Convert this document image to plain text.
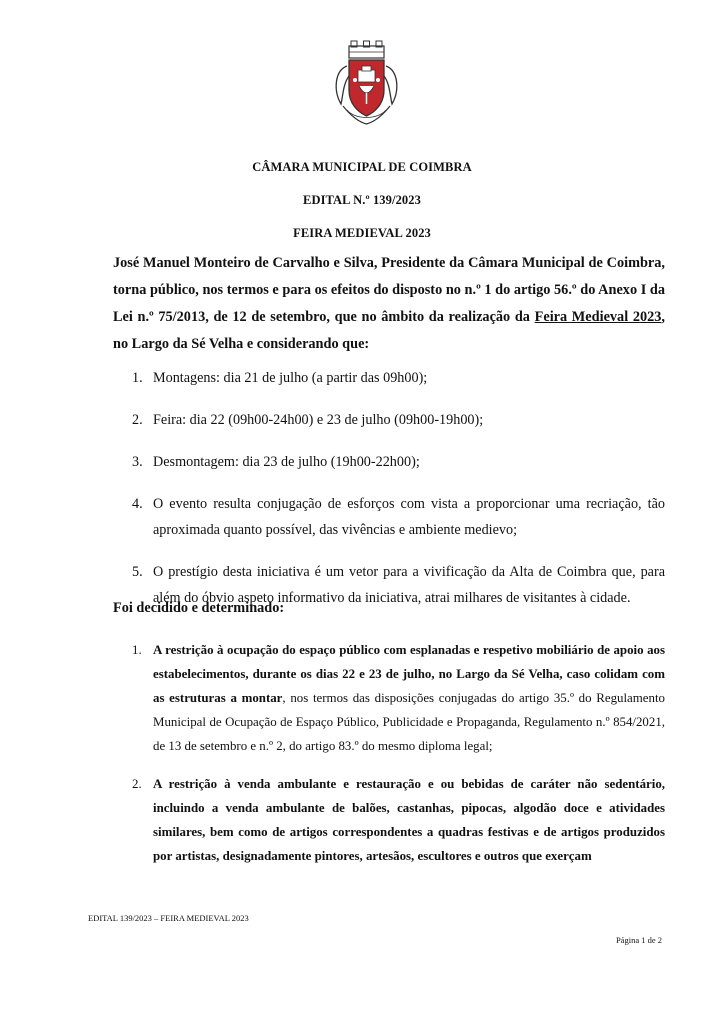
CÂMARA MUNICIPAL DE COIMBRA
EDITAL N.º 139/2023
FEIRA MEDIEVAL 2023

José Manuel Monteiro de Carvalho e Silva, Presidente da Câmara Municipal de Coimbra, torna público, nos termos e para os efeitos do disposto no n.º 1 do artigo 56.º do Anexo I da Lei n.º 75/2013, de 12 de setembro, que no âmbito da realização da Feira Medieval 2023, no Largo da Sé Velha e considerando que:

1. Montagens: dia 21 de julho (a partir das 09h00);
2. Feira: dia 22 (09h00-24h00) e 23 de julho (09h00-19h00);
3. Desmontagem: dia 23 de julho (19h00-22h00);
4. O evento resulta conjugação de esforços com vista a proporcionar uma recriação, tão aproximada quanto possível, das vivências e ambiente medievo;
5. O prestígio desta iniciativa é um vetor para a vivificação da Alta de Coimbra que, para além do óbvio aspeto informativo da iniciativa, atrai milhares de visitantes à cidade.

Foi decidido e determinado:

1. A restrição à ocupação do espaço público com esplanadas e respetivo mobiliário de apoio aos estabelecimentos, durante os dias 22 e 23 de julho, no Largo da Sé Velha, caso colidam com as estruturas a montar, nos termos das disposições conjugadas do artigo 35.º do Regulamento Municipal de Ocupação de Espaço Público, Publicidade e Propaganda, Regulamento n.º 854/2021, de 13 de setembro e n.º 2, do artigo 83.º do mesmo diploma legal;
2. A restrição à venda ambulante e restauração e ou bebidas de caráter não sedentário, incluindo a venda ambulante de balões, castanhas, pipocas, algodão doce e atividades similares, bem como de artigos correspondentes a quadras festivas e de artigos produzidos por artistas, designadamente pintores, artesãos, escultores e outros que exerçam
EDITAL 139/2023 – FEIRA MEDIEVAL 2023
Página 1 de 2
